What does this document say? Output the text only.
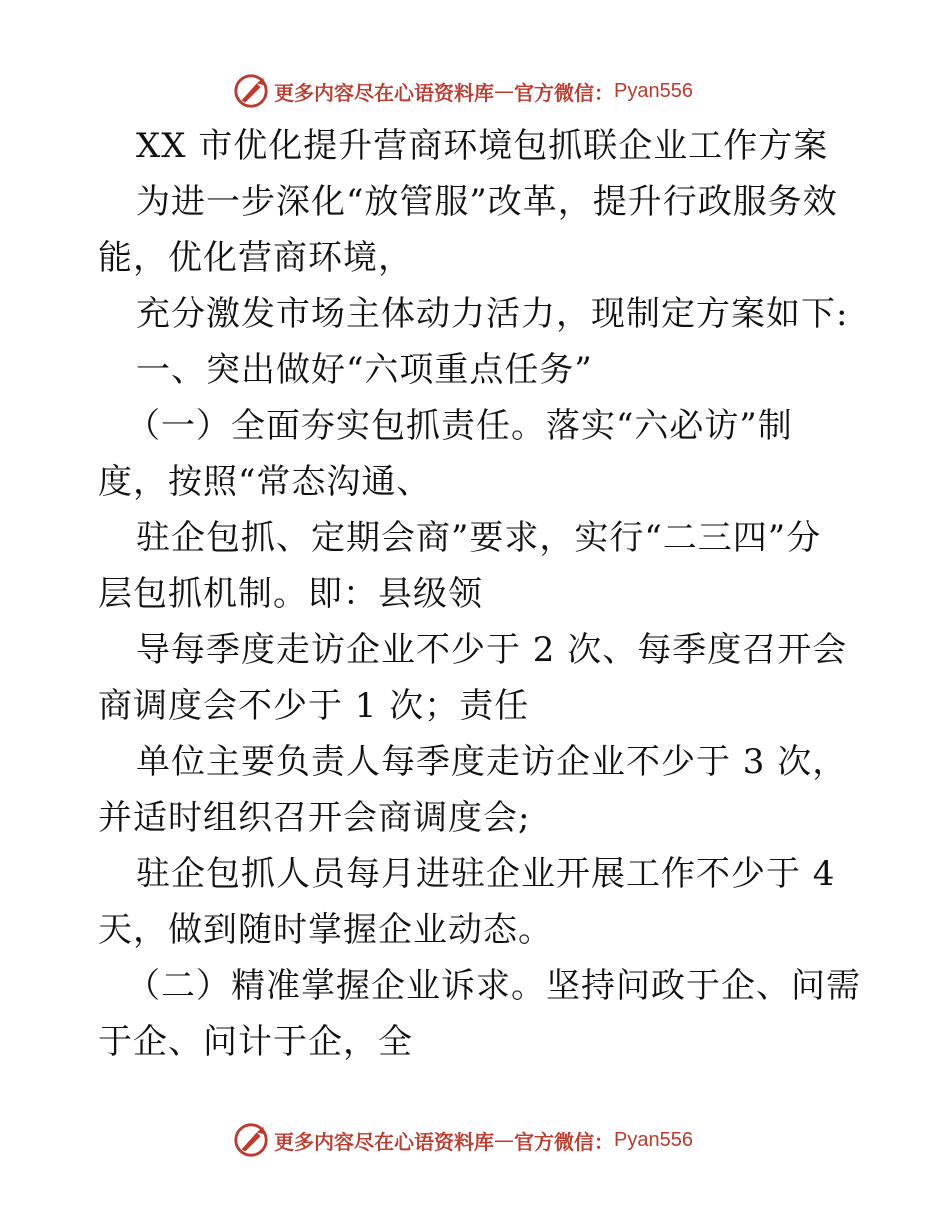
更多内容尽在心语资料库 — 官方微信： Pyan556
XX 市优化提升营商环境包抓联企业工作方案
为进一步深化“放管服”改革，提升行政服务效
能，优化营商环境，
充分激发市场主体动力活力，现制定方案如下:
一、突出做好“六项重点任务”
（一）全面夯实包抓责任。落实“六必访”制
度，按照“常态沟通、
驻企包抓、定期会商”要求，实行“二三四”分
层包抓机制。即：县级领
导每季度走访企业不少于 2 次、每季度召开会
商调度会不少于 1 次；责任
单位主要负责人每季度走访企业不少于 3 次，
并适时组织召开会商调度会;
驻企包抓人员每月进驻企业开展工作不少于 4
天，做到随时掌握企业动态。
（二）精准掌握企业诉求。坚持问政于企、问需
于企、问计于企，全
更多内容尽在心语资料库 — 官方微信： Pyan556
